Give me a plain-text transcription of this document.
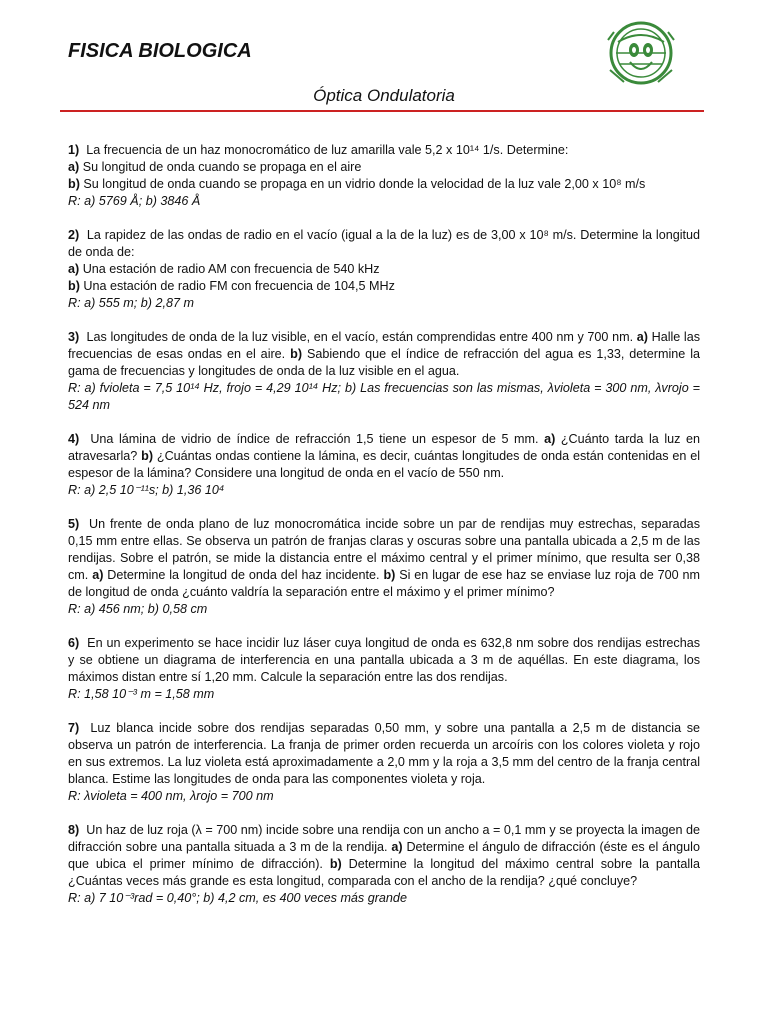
FISICA BIOLOGICA
Óptica Ondulatoria

1) La frecuencia de un haz monocromático de luz amarilla vale 5,2 x 10¹⁴ 1/s. Determine:

a) Su longitud de onda cuando se propaga en el aire

b) Su longitud de onda cuando se propaga en un vidrio donde la velocidad de la luz vale 2,00 x 10⁸ m/s

R: a) 5769 Å; b) 3846 Å

2) La rapidez de las ondas de radio en el vacío (igual a la de la luz) es de 3,00 x 10⁸ m/s. Determine la longitud de onda de:

a) Una estación de radio AM con frecuencia de 540 kHz

b) Una estación de radio FM con frecuencia de 104,5 MHz

R: a) 555 m; b) 2,87 m

3) Las longitudes de onda de la luz visible, en el vacío, están comprendidas entre 400 nm y 700 nm. a) Halle las frecuencias de esas ondas en el aire. b) Sabiendo que el índice de refracción del agua es 1,33, determine la gama de frecuencias y longitudes de onda de la luz visible en el agua.

R: a) fvioleta = 7,5 10¹⁴ Hz, frojo = 4,29 10¹⁴ Hz; b) Las frecuencias son las mismas, λvioleta = 300 nm, λvrojo = 524 nm

4) Una lámina de vidrio de índice de refracción 1,5 tiene un espesor de 5 mm. a) ¿Cuánto tarda la luz en atravesarla? b) ¿Cuántas ondas contiene la lámina, es decir, cuántas longitudes de onda están contenidas en el espesor de la lámina? Considere una longitud de onda en el vacío de 550 nm.

R: a) 2,5 10⁻¹¹s; b) 1,36 10⁴

5) Un frente de onda plano de luz monocromática incide sobre un par de rendijas muy estrechas, separadas 0,15 mm entre ellas. Se observa un patrón de franjas claras y oscuras sobre una pantalla ubicada a 2,5 m de las rendijas. Sobre el patrón, se mide la distancia entre el máximo central y el primer mínimo, que resulta ser 0,38 cm. a) Determine la longitud de onda del haz incidente. b) Si en lugar de ese haz se enviase luz roja de 700 nm de longitud de onda ¿cuánto valdría la separación entre el máximo y el primer mínimo?

R: a) 456 nm; b) 0,58 cm

6) En un experimento se hace incidir luz láser cuya longitud de onda es 632,8 nm sobre dos rendijas estrechas y se obtiene un diagrama de interferencia en una pantalla ubicada a 3 m de aquéllas. En este diagrama, los máximos distan entre sí 1,20 mm. Calcule la separación entre las dos rendijas.

R: 1,58 10⁻³ m = 1,58 mm

7) Luz blanca incide sobre dos rendijas separadas 0,50 mm, y sobre una pantalla a 2,5 m de distancia se observa un patrón de interferencia. La franja de primer orden recuerda un arcoíris con los colores violeta y rojo en sus extremos. La luz violeta está aproximadamente a 2,0 mm y la roja a 3,5 mm del centro de la franja central blanca. Estime las longitudes de onda para las componentes violeta y roja.

R: λvioleta = 400 nm, λrojo = 700 nm

8) Un haz de luz roja (λ = 700 nm) incide sobre una rendija con un ancho a = 0,1 mm y se proyecta la imagen de difracción sobre una pantalla situada a 3 m de la rendija. a) Determine el ángulo de difracción (éste es el ángulo que ubica el primer mínimo de difracción). b) Determine la longitud del máximo central sobre la pantalla ¿Cuántas veces más grande es esta longitud, comparada con el ancho de la rendija? ¿qué concluye?

R: a) 7 10⁻³rad = 0,40°; b) 4,2 cm, es 400 veces más grande
